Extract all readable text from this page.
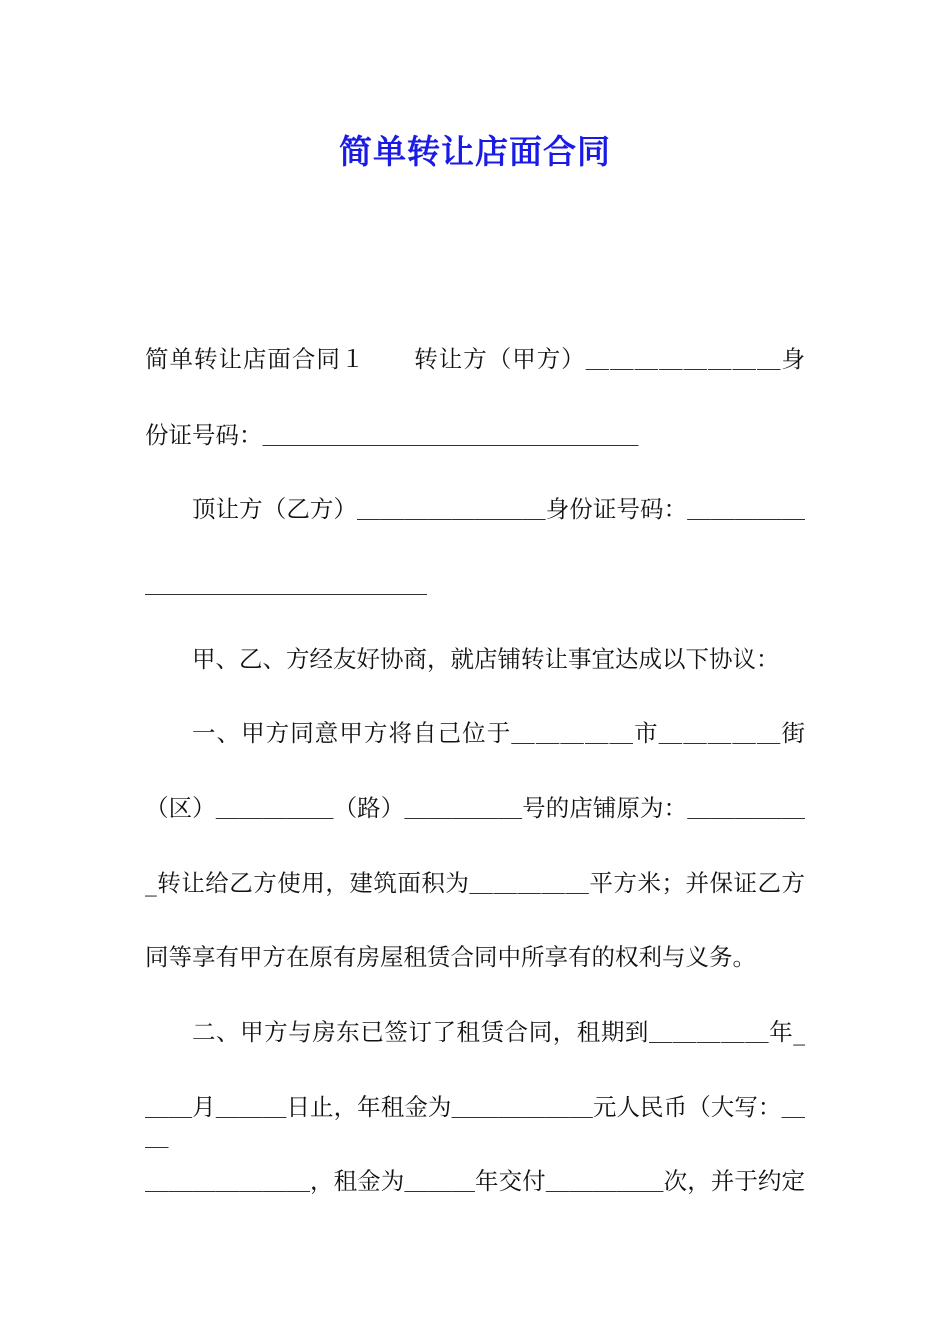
简单转让店面合同
简单转让店面合同１　　转让方（甲方）＿＿＿＿＿＿＿＿身
份证号码：＿＿＿＿＿＿＿＿＿＿＿＿＿＿＿＿
顶让方（乙方）＿＿＿＿＿＿＿＿身份证号码：＿＿＿＿＿
＿＿＿＿＿＿＿＿＿＿＿＿
甲、乙、方经友好协商，就店铺转让事宜达成以下协议：
一、甲方同意甲方将自己位于＿＿＿＿＿市＿＿＿＿＿街
（区）＿＿＿＿＿（路）＿＿＿＿＿号的店铺原为：＿＿＿＿＿
_转让给乙方使用，建筑面积为＿＿＿＿＿平方米；并保证乙方
同等享有甲方在原有房屋租赁合同中所享有的权利与义务。
二、甲方与房东已签订了租赁合同，租期到＿＿＿＿＿年_
＿＿月＿＿＿日止，年租金为＿＿＿＿＿＿元人民币（大写：＿＿
＿＿＿＿＿＿＿，租金为＿＿＿年交付＿＿＿＿＿次，并于约定
